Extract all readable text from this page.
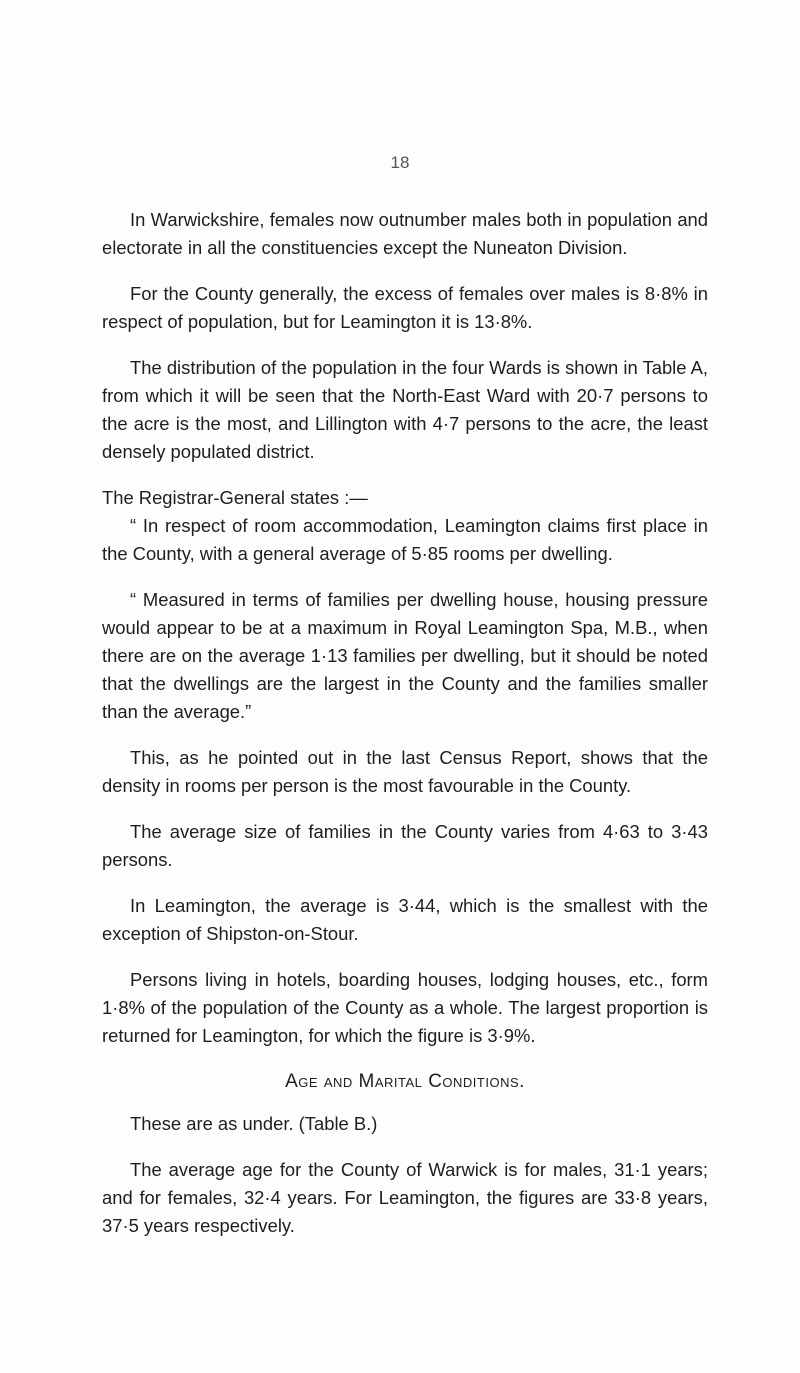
18

In Warwickshire, females now outnumber males both in population and electorate in all the constituencies except the Nuneaton Division.

For the County generally, the excess of females over males is 8·8% in respect of population, but for Leamington it is 13·8%.

The distribution of the population in the four Wards is shown in Table A, from which it will be seen that the North-East Ward with 20·7 persons to the acre is the most, and Lillington with 4·7 persons to the acre, the least densely populated district.

The Registrar-General states :—

“ In respect of room accommodation, Leamington claims first place in the County, with a general average of 5·85 rooms per dwelling.

“ Measured in terms of families per dwelling house, housing pressure would appear to be at a maximum in Royal Leamington Spa, M.B., when there are on the average 1·13 families per dwelling, but it should be noted that the dwellings are the largest in the County and the families smaller than the average.”

This, as he pointed out in the last Census Report, shows that the density in rooms per person is the most favourable in the County.

The average size of families in the County varies from 4·63 to 3·43 persons.

In Leamington, the average is 3·44, which is the smallest with the exception of Shipston-on-Stour.

Persons living in hotels, boarding houses, lodging houses, etc., form 1·8% of the population of the County as a whole. The largest proportion is returned for Leamington, for which the figure is 3·9%.

Age and Marital Conditions.

These are as under. (Table B.)

The average age for the County of Warwick is for males, 31·1 years; and for females, 32·4 years. For Leamington, the figures are 33·8 years, 37·5 years respectively.
